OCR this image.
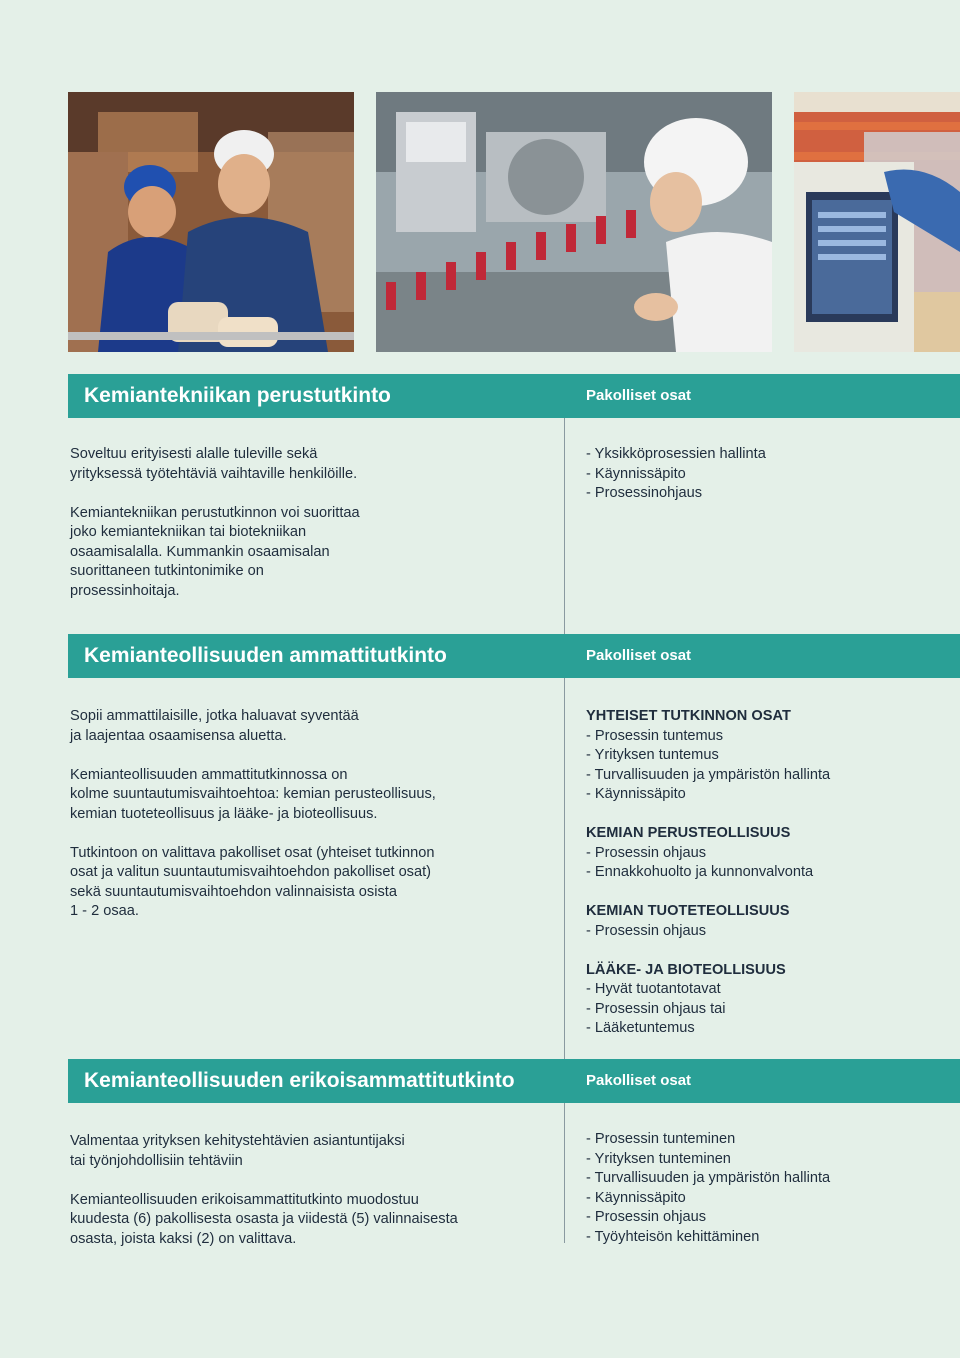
Kemiantekniikan perustutkinto	Pakolliset osat

Soveltuu erityisesti alalle tuleville sekä
yrityksessä työtehtäviä vaihtaville henkilöille.

Kemiantekniikan perustutkinnon voi suorittaa
joko kemiantekniikan tai biotekniikan
osaamisalalla. Kummankin osaamisalan
suorittaneen tutkintonimike on
prosessinhoitaja.

- Yksikköprosessien hallinta

- Käynnissäpito

- Prosessinohjaus

Kemianteollisuuden ammattitutkinto	Pakolliset osat

Sopii ammattilaisille, jotka haluavat syventää
ja laajentaa osaamisensa aluetta.

Kemianteollisuuden ammattitutkinnossa on
kolme suuntautumisvaihtoehtoa: kemian perusteollisuus,
kemian tuoteteollisuus ja lääke- ja bioteollisuus.

Tutkintoon on valittava pakolliset osat (yhteiset tutkinnon
osat ja valitun suuntautumisvaihtoehdon pakolliset osat)
sekä suuntautumisvaihtoehdon valinnaisista osista
1 - 2 osaa.

YHTEISET TUTKINNON OSAT

- Prosessin tuntemus

- Yrityksen tuntemus

- Turvallisuuden ja ympäristön hallinta

- Käynnissäpito

KEMIAN PERUSTEOLLISUUS

- Prosessin ohjaus

- Ennakkohuolto ja kunnonvalvonta

KEMIAN TUOTETEOLLISUUS

- Prosessin ohjaus

LÄÄKE- JA BIOTEOLLISUUS

- Hyvät tuotantotavat

- Prosessin ohjaus tai

- Lääketuntemus

Kemianteollisuuden erikoisammattitutkinto	Pakolliset osat

Valmentaa yrityksen kehitystehtävien asiantuntijaksi
tai työnjohdollisiin tehtäviin

Kemianteollisuuden erikoisammattitutkinto muodostuu
kuudesta (6) pakollisesta osasta ja viidestä (5) valinnaisesta
osasta, joista kaksi (2) on valittava.

- Prosessin tunteminen

- Yrityksen tunteminen

- Turvallisuuden ja ympäristön hallinta

- Käynnissäpito

- Prosessin ohjaus

- Työyhteisön kehittäminen
